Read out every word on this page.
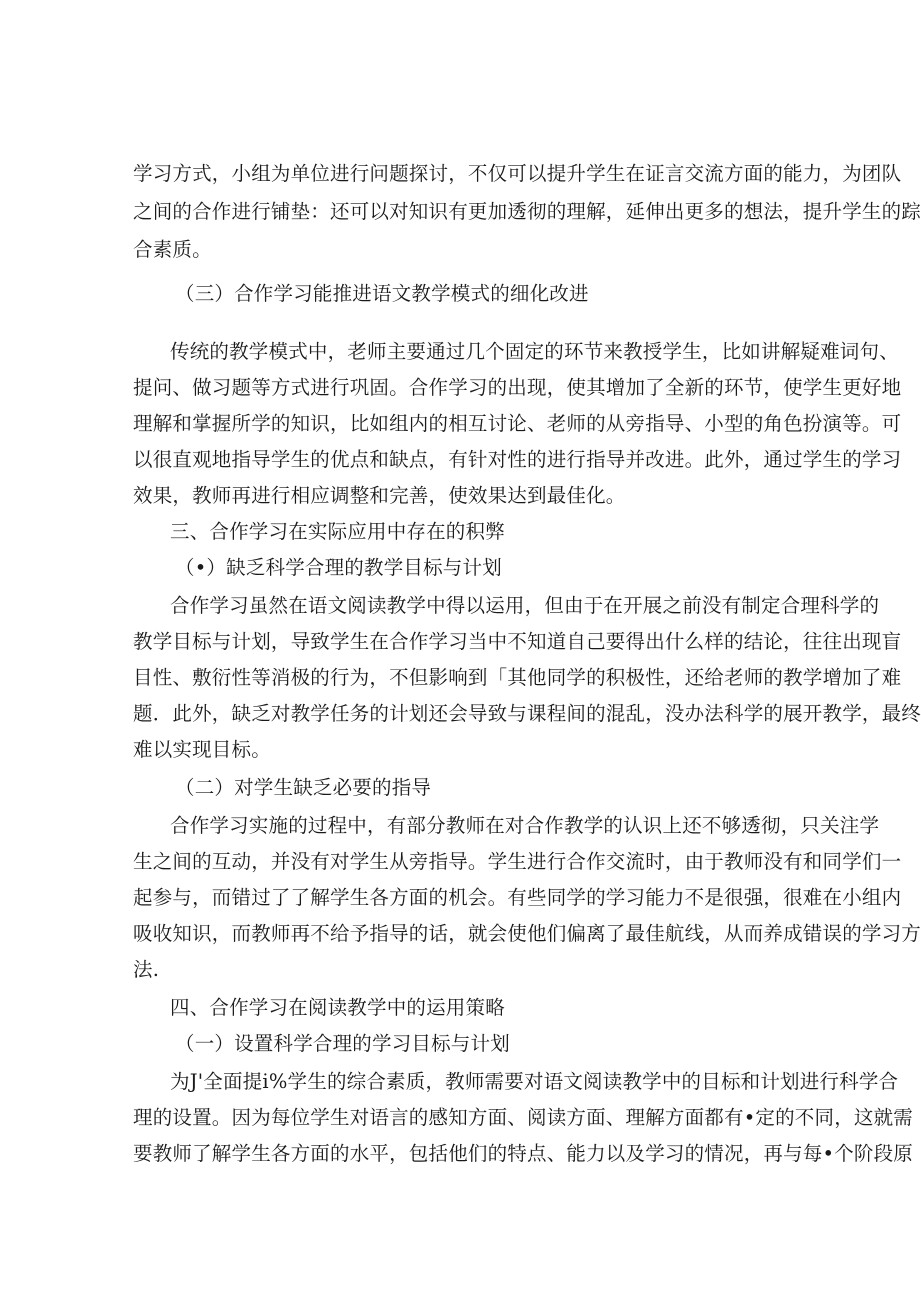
学习方式，小组为单位进行问题探讨，不仅可以提升学生在证言交流方面的能力，为团队
之间的合作进行铺垫：还可以对知识有更加透彻的理解，延伸出更多的想法，提升学生的踪
合素质。
（三）合作学习能推进语文教学模式的细化改进
传统的教学模式中，老师主要通过几个固定的环节来教授学生，比如讲解疑难词句、
提问、做习题等方式进行巩固。合作学习的出现，使其增加了全新的环节，使学生更好地
理解和掌握所学的知识，比如组内的相互讨论、老师的从旁指导、小型的角色扮演等。可
以很直观地指导学生的优点和缺点，有针对性的进行指导并改进。此外，通过学生的学习
效果，教师再进行相应调整和完善，使效果达到最佳化。
三、合作学习在实际应用中存在的积弊
（•）缺乏科学合理的教学目标与计划
合作学习虽然在语文阅读教学中得以运用，但由于在开展之前没有制定合理科学的
教学目标与计划，导致学生在合作学习当中不知道自己要得出什么样的结论，往往出现盲
目性、敷衍性等消极的行为，不但影响到「其他同学的积极性，还给老师的教学增加了难
题．此外，缺乏对教学任务的计划还会导致与课程间的混乱，没办法科学的展开教学，最终
难以实现目标。
（二）对学生缺乏必要的指导
合作学习实施的过程中，有部分教师在对合作教学的认识上还不够透彻，只关注学
生之间的互动，并没有对学生从旁指导。学生进行合作交流时，由于教师没有和同学们一
起参与，而错过了了解学生各方面的机会。有些同学的学习能力不是很强，很难在小组内
吸收知识，而教师再不给予指导的话，就会使他们偏离了最佳航线，从而养成错误的学习方
法.
四、合作学习在阅读教学中的运用策略
（一）设置科学合理的学习目标与计划
为J'全面提i%学生的综合素质，教师需要对语文阅读教学中的目标和计划进行科学合
理的设置。因为每位学生对语言的感知方面、阅读方面、理解方面都有•定的不同，这就需
要教师了解学生各方面的水平，包括他们的特点、能力以及学习的情况，再与每•个阶段原
